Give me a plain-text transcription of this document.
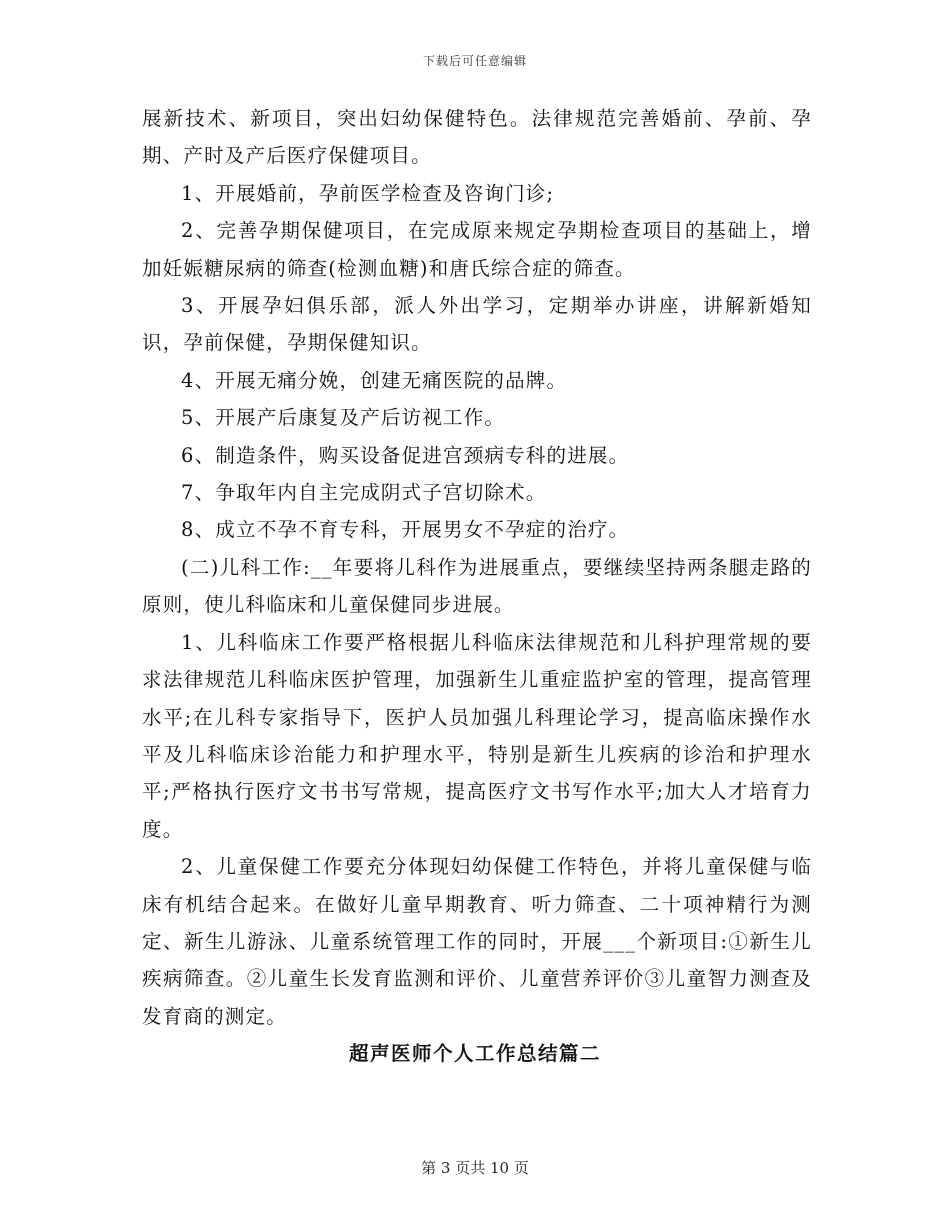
下载后可任意编辑

展新技术、新项目，突出妇幼保健特色。法律规范完善婚前、孕前、孕期、产时及产后医疗保健项目。

1、开展婚前，孕前医学检查及咨询门诊;

2、完善孕期保健项目，在完成原来规定孕期检查项目的基础上，增加妊娠糖尿病的筛查(检测血糖)和唐氏综合症的筛查。

3、开展孕妇俱乐部，派人外出学习，定期举办讲座，讲解新婚知识，孕前保健，孕期保健知识。

4、开展无痛分娩，创建无痛医院的品牌。

5、开展产后康复及产后访视工作。

6、制造条件，购买设备促进宫颈病专科的进展。

7、争取年内自主完成阴式子宫切除术。

8、成立不孕不育专科，开展男女不孕症的治疗。

(二)儿科工作:__年要将儿科作为进展重点，要继续坚持两条腿走路的原则，使儿科临床和儿童保健同步进展。

1、儿科临床工作要严格根据儿科临床法律规范和儿科护理常规的要求法律规范儿科临床医护管理，加强新生儿重症监护室的管理，提高管理水平;在儿科专家指导下，医护人员加强儿科理论学习，提高临床操作水平及儿科临床诊治能力和护理水平，特别是新生儿疾病的诊治和护理水平;严格执行医疗文书书写常规，提高医疗文书写作水平;加大人才培育力度。

2、儿童保健工作要充分体现妇幼保健工作特色，并将儿童保健与临床有机结合起来。在做好儿童早期教育、听力筛查、二十项神精行为测定、新生儿游泳、儿童系统管理工作的同时，开展___个新项目:①新生儿疾病筛查。②儿童生长发育监测和评价、儿童营养评价③儿童智力测查及发育商的测定。

超声医师个人工作总结篇二
第 3 页共 10 页
